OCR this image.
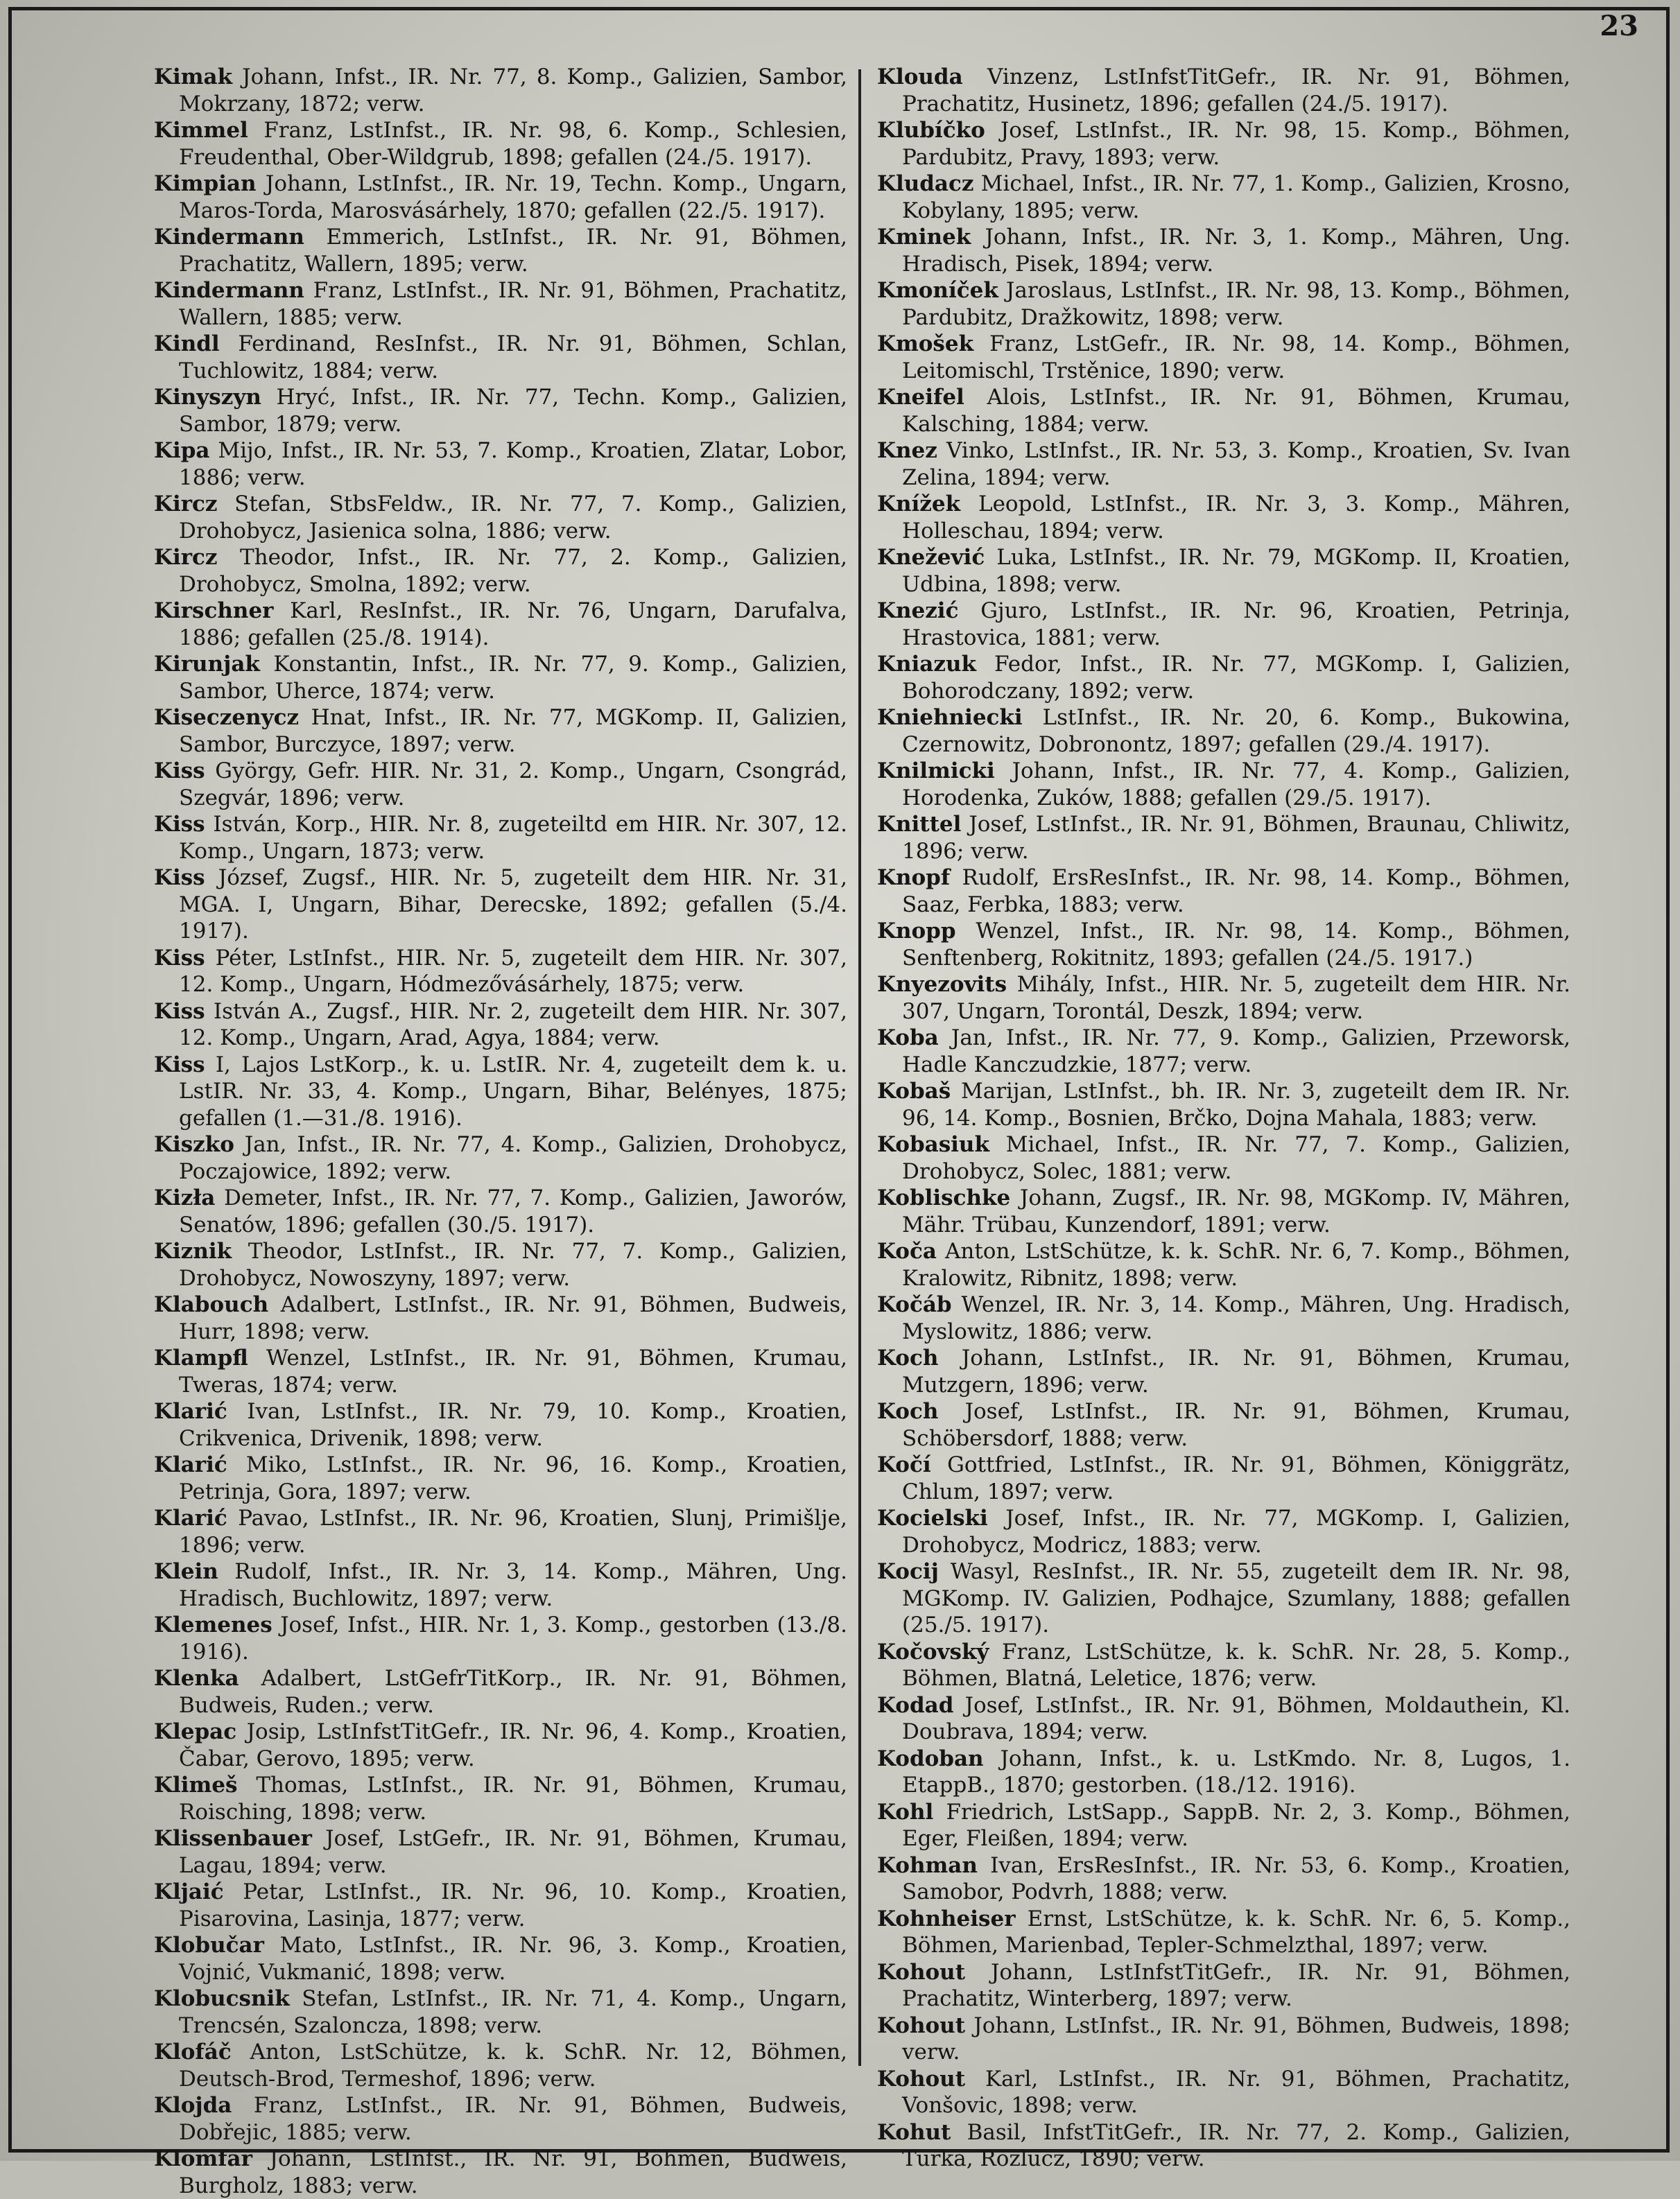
23
Kimak Johann, Infst., IR. Nr. 77, 8. Komp., Galizien, Sambor, Mokrzany, 1872; verw.
Kimmel Franz, LstInfst., IR. Nr. 98, 6. Komp., Schlesien, Freudenthal, Ober-Wildgrub, 1898; gefallen (24./5. 1917).
Kimpian Johann, LstInfst., IR. Nr. 19, Techn. Komp., Ungarn, Maros-Torda, Marosvásárhely, 1870; gefallen (22./5. 1917).
Kindermann Emmerich, LstInfst., IR. Nr. 91, Böhmen, Prachatitz, Wallern, 1895; verw.
Kindermann Franz, LstInfst., IR. Nr. 91, Böhmen, Prachatitz, Wallern, 1885; verw.
Kindl Ferdinand, ResInfst., IR. Nr. 91, Böhmen, Schlan, Tuchlowitz, 1884; verw.
Kinyszyn Hryć, Infst., IR. Nr. 77, Techn. Komp., Galizien, Sambor, 1879; verw.
Kipa Mijo, Infst., IR. Nr. 53, 7. Komp., Kroatien, Zlatar, Lobor, 1886; verw.
Kircz Stefan, StbsFeldw., IR. Nr. 77, 7. Komp., Galizien, Drohobycz, Jasienica solna, 1886; verw.
Kircz Theodor, Infst., IR. Nr. 77, 2. Komp., Galizien, Drohobycz, Smolna, 1892; verw.
Kirschner Karl, ResInfst., IR. Nr. 76, Ungarn, Darufalva, 1886; gefallen (25./8. 1914).
Kirunjak Konstantin, Infst., IR. Nr. 77, 9. Komp., Galizien, Sambor, Uherce, 1874; verw.
Kiseczenycz Hnat, Infst., IR. Nr. 77, MGKomp. II, Galizien, Sambor, Burczyce, 1897; verw.
Kiss György, Gefr. HIR. Nr. 31, 2. Komp., Ungarn, Csongrád, Szegvár, 1896; verw.
Kiss István, Korp., HIR. Nr. 8, zugeteiltd em HIR. Nr. 307, 12. Komp., Ungarn, 1873; verw.
Kiss József, Zugsf., HIR. Nr. 5, zugeteilt dem HIR. Nr. 31, MGA. I, Ungarn, Bihar, Derecske, 1892; gefallen (5./4. 1917).
Kiss Péter, LstInfst., HIR. Nr. 5, zugeteilt dem HIR. Nr. 307, 12. Komp., Ungarn, Hódmezővásárhely, 1875; verw.
Kiss István A., Zugsf., HIR. Nr. 2, zugeteilt dem HIR. Nr. 307, 12. Komp., Ungarn, Arad, Agya, 1884; verw.
Kiss I, Lajos LstKorp., k. u. LstIR. Nr. 4, zugeteilt dem k. u. LstIR. Nr. 33, 4. Komp., Ungarn, Bihar, Belényes, 1875; gefallen (1.—31./8. 1916).
Kiszko Jan, Infst., IR. Nr. 77, 4. Komp., Galizien, Drohobycz, Poczajowice, 1892; verw.
Kizła Demeter, Infst., IR. Nr. 77, 7. Komp., Galizien, Jaworów, Senatów, 1896; gefallen (30./5. 1917).
Kiznik Theodor, LstInfst., IR. Nr. 77, 7. Komp., Galizien, Drohobycz, Nowoszyny, 1897; verw.
Klabouch Adalbert, LstInfst., IR. Nr. 91, Böhmen, Budweis, Hurr, 1898; verw.
Klampfl Wenzel, LstInfst., IR. Nr. 91, Böhmen, Krumau, Tweras, 1874; verw.
Klarić Ivan, LstInfst., IR. Nr. 79, 10. Komp., Kroatien, Crikvenica, Drivenik, 1898; verw.
Klarić Miko, LstInfst., IR. Nr. 96, 16. Komp., Kroatien, Petrinja, Gora, 1897; verw.
Klarić Pavao, LstInfst., IR. Nr. 96, Kroatien, Slunj, Primišlje, 1896; verw.
Klein Rudolf, Infst., IR. Nr. 3, 14. Komp., Mähren, Ung. Hradisch, Buchlowitz, 1897; verw.
Klemenes Josef, Infst., HIR. Nr. 1, 3. Komp., gestorben (13./8. 1916).
Klenka Adalbert, LstGefrTitKorp., IR. Nr. 91, Böhmen, Budweis, Ruden.; verw.
Klepac Josip, LstInfstTitGefr., IR. Nr. 96, 4. Komp., Kroatien, Čabar, Gerovo, 1895; verw.
Klimeš Thomas, LstInfst., IR. Nr. 91, Böhmen, Krumau, Roisching, 1898; verw.
Klissenbauer Josef, LstGefr., IR. Nr. 91, Böhmen, Krumau, Lagau, 1894; verw.
Kljaić Petar, LstInfst., IR. Nr. 96, 10. Komp., Kroatien, Pisarovina, Lasinja, 1877; verw.
Klobučar Mato, LstInfst., IR. Nr. 96, 3. Komp., Kroatien, Vojnić, Vukmanić, 1898; verw.
Klobucsnik Stefan, LstInfst., IR. Nr. 71, 4. Komp., Ungarn, Trencsén, Szalonсza, 1898; verw.
Klofáč Anton, LstSchütze, k. k. SchR. Nr. 12, Böhmen, Deutsch-Brod, Termeshof, 1896; verw.
Klojda Franz, LstInfst., IR. Nr. 91, Böhmen, Budweis, Dobřejic, 1885; verw.
Klomfar Johann, LstInfst., IR. Nr. 91, Böhmen, Budweis, Burgholz, 1883; verw.
Klouda Vinzenz, LstInfstTitGefr., IR. Nr. 91, Böhmen, Prachatitz, Husinetz, 1896; gefallen (24./5. 1917).
Klubíčko Josef, LstInfst., IR. Nr. 98, 15. Komp., Böhmen, Pardubitz, Pravy, 1893; verw.
Kludacz Michael, Infst., IR. Nr. 77, 1. Komp., Galizien, Krosno, Kobylany, 1895; verw.
Kminek Johann, Infst., IR. Nr. 3, 1. Komp., Mähren, Ung. Hradisch, Pisek, 1894; verw.
Kmoníček Jaroslaus, LstInfst., IR. Nr. 98, 13. Komp., Böhmen, Pardubitz, Dražkowitz, 1898; verw.
Kmošek Franz, LstGefr., IR. Nr. 98, 14. Komp., Böhmen, Leitomischl, Trstěnice, 1890; verw.
Kneifel Alois, LstInfst., IR. Nr. 91, Böhmen, Krumau, Kalsching, 1884; verw.
Knez Vinko, LstInfst., IR. Nr. 53, 3. Komp., Kroatien, Sv. Ivan Zelina, 1894; verw.
Knížek Leopold, LstInfst., IR. Nr. 3, 3. Komp., Mähren, Holleschau, 1894; verw.
Knežević Luka, LstInfst., IR. Nr. 79, MGKomp. II, Kroatien, Udbina, 1898; verw.
Knezić Gjuro, LstInfst., IR. Nr. 96, Kroatien, Petrinja, Hrastovica, 1881; verw.
Kniazuk Fedor, Infst., IR. Nr. 77, MGKomp. I, Galizien, Bohorodczany, 1892; verw.
Kniehniecki LstInfst., IR. Nr. 20, 6. Komp., Bukowina, Czernowitz, Dobronontz, 1897; gefallen (29./4. 1917).
Knilmicki Johann, Infst., IR. Nr. 77, 4. Komp., Galizien, Horodenka, Zuków, 1888; gefallen (29./5. 1917).
Knittel Josef, LstInfst., IR. Nr. 91, Böhmen, Braunau, Chliwitz, 1896; verw.
Knopf Rudolf, ErsResInfst., IR. Nr. 98, 14. Komp., Böhmen, Saaz, Ferbka, 1883; verw.
Knopp Wenzel, Infst., IR. Nr. 98, 14. Komp., Böhmen, Senftenberg, Rokitnitz, 1893; gefallen (24./5. 1917.)
Knyezovits Mihály, Infst., HIR. Nr. 5, zugeteilt dem HIR. Nr. 307, Ungarn, Torontál, Deszk, 1894; verw.
Koba Jan, Infst., IR. Nr. 77, 9. Komp., Galizien, Przeworsk, Hadle Kanczudzkie, 1877; verw.
Kobaš Marijan, LstInfst., bh. IR. Nr. 3, zugeteilt dem IR. Nr. 96, 14. Komp., Bosnien, Brčko, Dojna Mahala, 1883; verw.
Kobasiuk Michael, Infst., IR. Nr. 77, 7. Komp., Galizien, Drohobycz, Solec, 1881; verw.
Koblischke Johann, Zugsf., IR. Nr. 98, MGKomp. IV, Mähren, Mähr. Trübau, Kunzendorf, 1891; verw.
Koča Anton, LstSchütze, k. k. SchR. Nr. 6, 7. Komp., Böhmen, Kralowitz, Ribnitz, 1898; verw.
Kočáb Wenzel, IR. Nr. 3, 14. Komp., Mähren, Ung. Hradisch, Myslowitz, 1886; verw.
Koch Johann, LstInfst., IR. Nr. 91, Böhmen, Krumau, Mutzgern, 1896; verw.
Koch Josef, LstInfst., IR. Nr. 91, Böhmen, Krumau, Schöbersdorf, 1888; verw.
Kočí Gottfried, LstInfst., IR. Nr. 91, Böhmen, Königgrätz, Chlum, 1897; verw.
Kocielski Josef, Infst., IR. Nr. 77, MGKomp. I, Galizien, Drohobycz, Modricz, 1883; verw.
Kocij Wasyl, ResInfst., IR. Nr. 55, zugeteilt dem IR. Nr. 98, MGKomp. IV. Galizien, Podhajce, Szumlany, 1888; gefallen (25./5. 1917).
Kočovský Franz, LstSchütze, k. k. SchR. Nr. 28, 5. Komp., Böhmen, Blatná, Leletice, 1876; verw.
Kodad Josef, LstInfst., IR. Nr. 91, Böhmen, Moldauthein, Kl. Doubrava, 1894; verw.
Kodoban Johann, Infst., k. u. LstKmdo. Nr. 8, Lugos, 1. EtappB., 1870; gestorben. (18./12. 1916).
Kohl Friedrich, LstSapp., SappB. Nr. 2, 3. Komp., Böhmen, Eger, Fleißen, 1894; verw.
Kohman Ivan, ErsResInfst., IR. Nr. 53, 6. Komp., Kroatien, Samobor, Podvrh, 1888; verw.
Kohnheiser Ernst, LstSchütze, k. k. SchR. Nr. 6, 5. Komp., Böhmen, Marienbad, Tepler-Schmelzthal, 1897; verw.
Kohout Johann, LstInfstTitGefr., IR. Nr. 91, Böhmen, Prachatitz, Winterberg, 1897; verw.
Kohout Johann, LstInfst., IR. Nr. 91, Böhmen, Budweis, 1898; verw.
Kohout Karl, LstInfst., IR. Nr. 91, Böhmen, Prachatitz, Vonšovic, 1898; verw.
Kohut Basil, InfstTitGefr., IR. Nr. 77, 2. Komp., Galizien, Turka, Rozlucz, 1890; verw.
